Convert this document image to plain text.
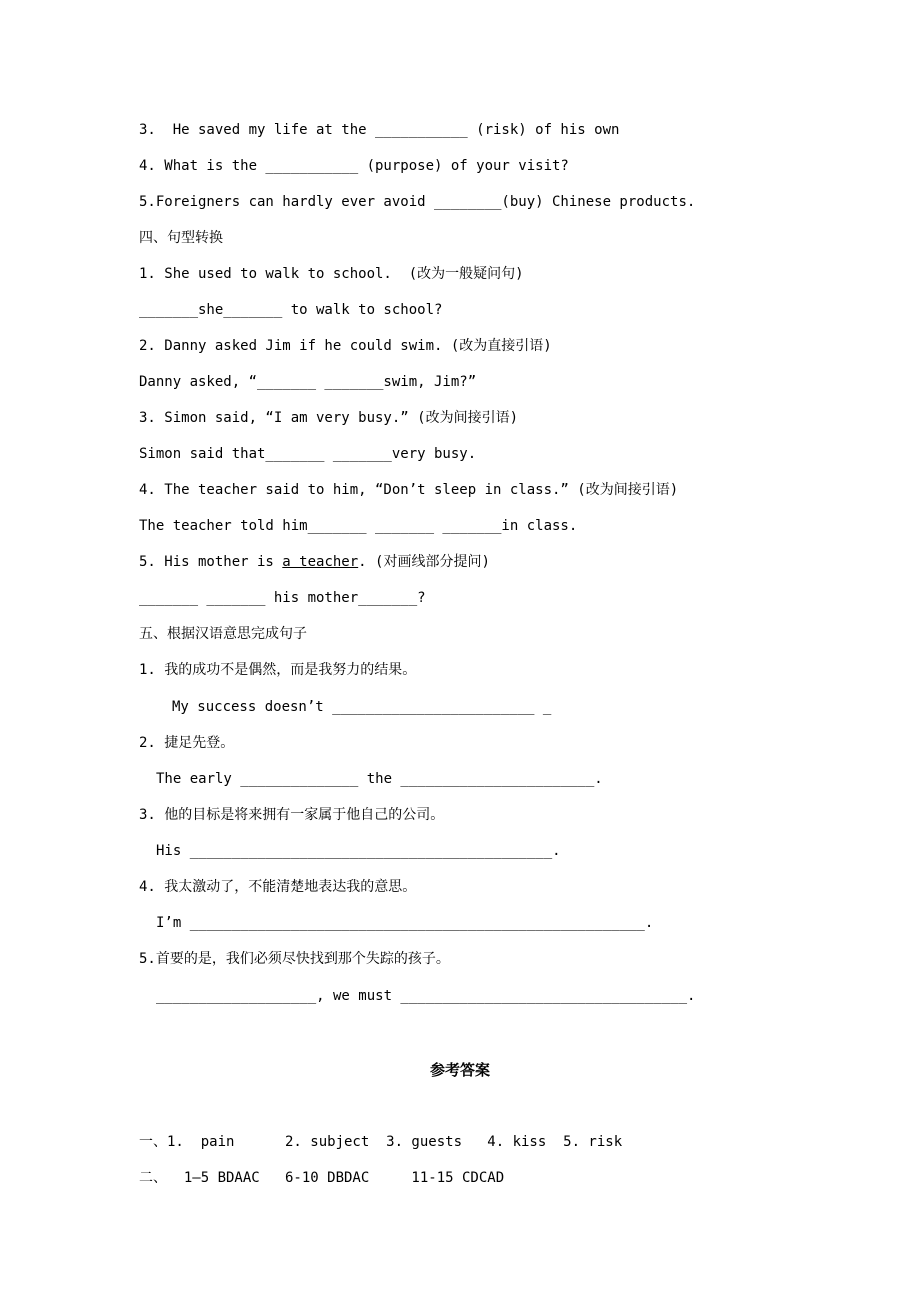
3.  He saved my life at the ___________ (risk) of his own
4. What is the ___________ (purpose) of your visit?
5.Foreigners can hardly ever avoid ________(buy) Chinese products.
四、句型转换
1. She used to walk to school.  (改为一般疑问句)
_______she_______ to walk to school?
2. Danny asked Jim if he could swim. (改为直接引语)
Danny asked, “_______ _______swim, Jim?”
3. Simon said, “I am very busy.” (改为间接引语)
Simon said that_______ _______very busy.
4. The teacher said to him, “Don’t sleep in class.” (改为间接引语)
The teacher told him_______ _______ _______in class.
5. His mother is a teacher. (对画线部分提问)
_______ _______ his mother_______?
五、根据汉语意思完成句子
1. 我的成功不是偶然，而是我努力的结果。
My success doesn’t ________________________ _
2. 捷足先登。
The early ______________ the _______________________.
3. 他的目标是将来拥有一家属于他自己的公司。
His ___________________________________________.
4. 我太激动了，不能清楚地表达我的意思。
I’m ______________________________________________________.
5.首要的是，我们必须尽快找到那个失踪的孩子。
___________________, we must __________________________________.
参考答案
一、1.  pain      2. subject  3. guests   4. kiss  5. risk
二、  1—5 BDAAC   6-10 DBDAC     11-15 CDCAD
